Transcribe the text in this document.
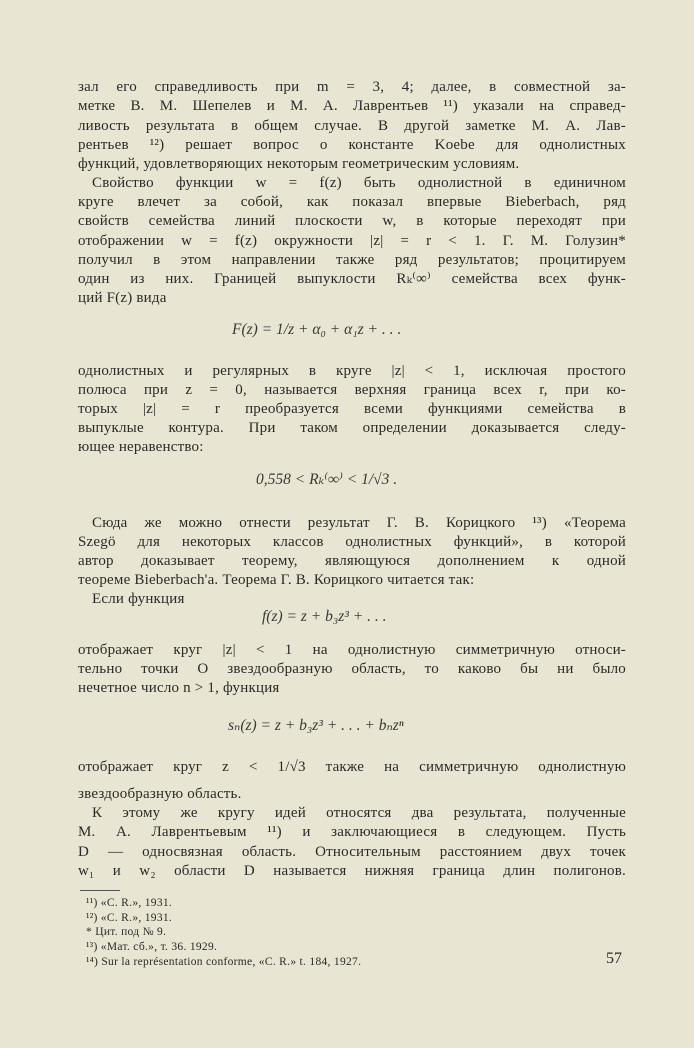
зал его справедливость при m = 3, 4; далее, в совместной за-
метке В. М. Шепелев и М. А. Лаврентьев ¹¹) указали на справед-
ливость результата в общем случае. В другой заметке М. А. Лав-
рентьев ¹²) решает вопрос о константе Koebe для однолистных
функций, удовлетворяющих некоторым геометрическим условиям.
Свойство функции w = f(z) быть однолистной в единичном
круге влечет за собой, как показал впервые Bieberbach, ряд
свойств семейства линий плоскости w, в которые переходят при
отображении w = f(z) окружности |z| = r < 1. Г. М. Голузин*
получил в этом направлении также ряд результатов; процитируем
один из них. Границей выпуклости Rₖ⁽∞⁾ семейства всех функ-
ций F(z) вида
однолистных и регулярных в круге |z| < 1, исключая простого
полюса при z = 0, называется верхняя граница всех r, при ко-
торых |z| = r преобразуется всеми функциями семейства в
выпуклые контура. При таком определении доказывается следу-
ющее неравенство:
Сюда же можно отнести результат Г. В. Корицкого ¹³) «Теорема
Szegö для некоторых классов однолистных функций», в которой
автор доказывает теорему, являющуюся дополнением к одной
теореме Bieberbach'a. Теорема Г. В. Корицкого читается так:
Если функция
отображает круг |z| < 1 на однолистную симметричную относи-
тельно точки O звездообразную область, то каково бы ни было
нечетное число n > 1, функция
отображает круг z < 1/√3 также на симметричную однолистную
звездообразную область.
К этому же кругу идей относятся два результата, полученные
М. А. Лаврентьевым ¹¹) и заключающиеся в следующем. Пусть
D — односвязная область. Относительным расстоянием двух точек
w₁ и w₂ области D называется нижняя граница длин полигонов.
F(z) = 1/z + α₀ + α₁z + . . .
0,558 < Rₖ⁽∞⁾ < 1/√3 .
f(z) = z + b₃z³ + . . .
sₙ(z) = z + b₃z³ + . . . + bₙzⁿ
¹¹) «C. R.», 1931.
¹²) «C. R.», 1931.
* Цит. под № 9.
¹³) «Мат. сб.», т. 36. 1929.
¹⁴) Sur la représentation conforme, «C. R.» t. 184, 1927.	57
